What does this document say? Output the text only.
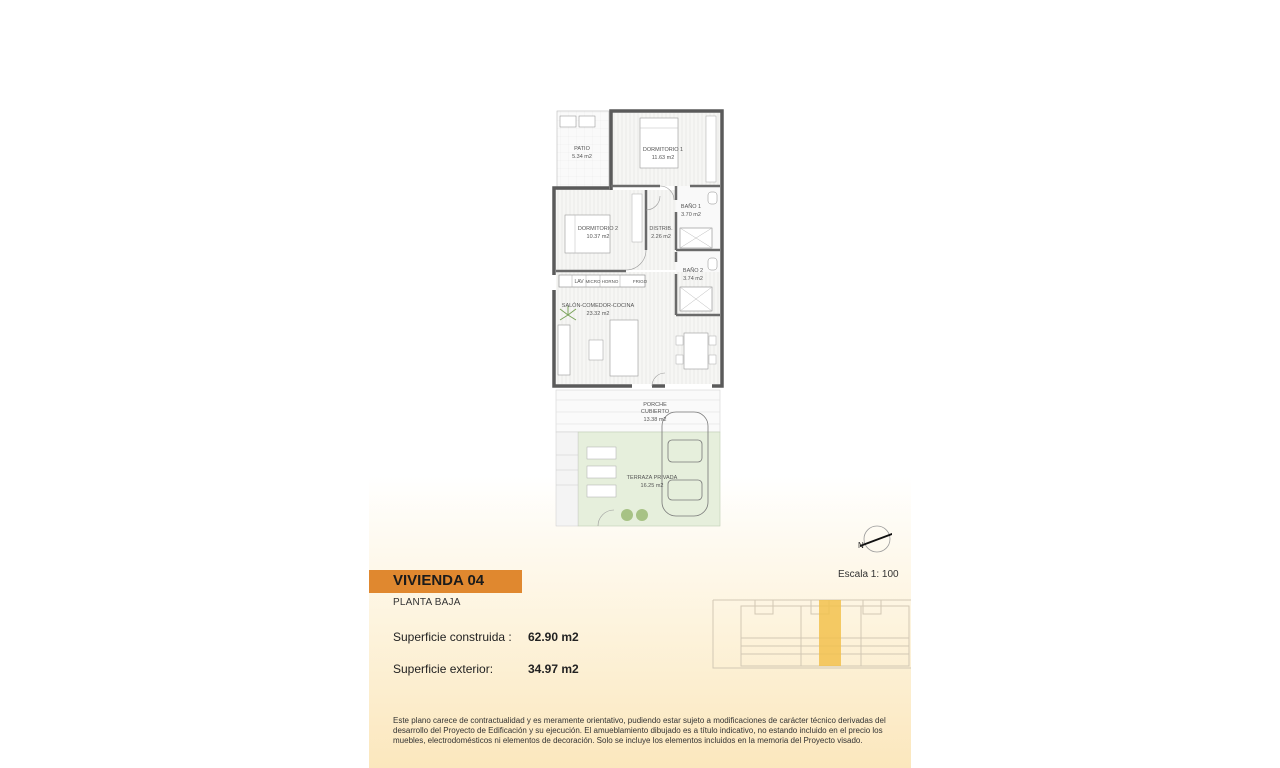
PATIO
5.34 m2
DORMITORIO 1
11.63 m2
DORMITORIO 2
10.37 m2
DISTRIB.
2.26 m2
BAÑO 1
3.70 m2
BAÑO 2
3.74 m2
SALÓN-COMEDOR-COCINA
23.32 m2
PORCHE
CUBIERTO
13.38 m2
TERRAZA PRIVADA
16.25 m2
LAV MICRO HORNO	FRIGO
N
VIVIENDA 04
PLANTA BAJA
Escala 1: 100
Superficie construida : 62.90 m2
Superficie exterior:	34.97 m2
Este plano carece de contractualidad y es meramente orientativo, pudiendo estar sujeto a modificaciones de carácter técnico derivadas del desarrollo del Proyecto de Edificación y su ejecución. El amueblamiento dibujado es a título indicativo, no estando incluido en el precio los muebles, electrodomésticos ni elementos de decoración. Solo se incluye los elementos incluidos en la memoria del Proyecto visado.
